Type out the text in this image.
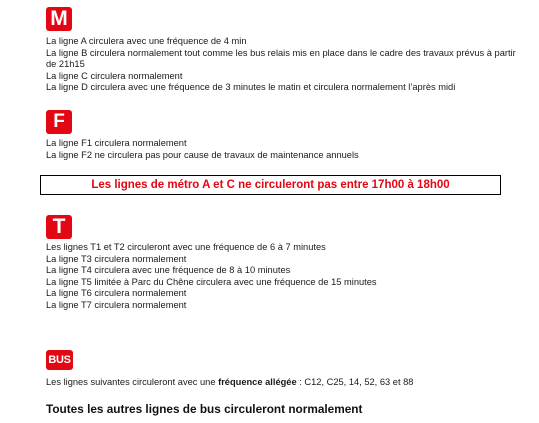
M
La ligne A circulera avec une fréquence de 4 min
La ligne B circulera normalement tout comme les bus relais mis en place dans le cadre des travaux prévus à partir de 21h15
La ligne C circulera normalement
La ligne D circulera avec une fréquence de 3 minutes le matin et circulera normalement l’après midi
F
La ligne F1 circulera normalement
La ligne F2 ne circulera pas pour cause de travaux de maintenance annuels
Les lignes de métro A et C ne circuleront pas entre 17h00 à 18h00
T
Les lignes T1 et T2 circuleront avec une fréquence de 6 à 7 minutes
La ligne T3 circulera normalement
La ligne T4 circulera avec une fréquence de 8 à 10 minutes
La ligne T5 limitée à Parc du Chêne circulera avec une fréquence de 15 minutes
La ligne T6 circulera normalement
La ligne T7 circulera normalement
BUS
Les lignes suivantes circuleront avec une fréquence allégée : C12, C25, 14, 52, 63 et 88
Toutes les autres lignes de bus circuleront normalement
